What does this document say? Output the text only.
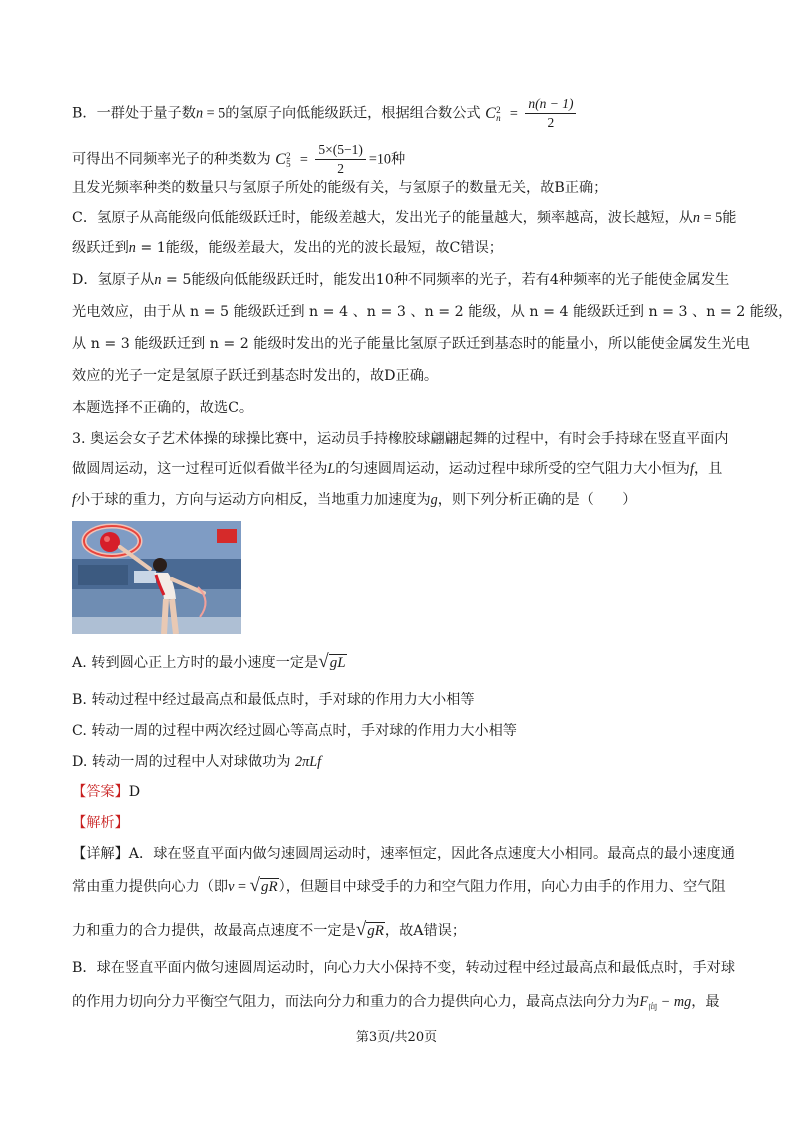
B．一群处于量子数n = 5的氢原子向低能级跃迁，根据组合数公式 C 2
$n = \frac{n(n - 1)}{2}$
可得出不同频率光子的种类数为 C 2
$5 = \frac{5\times(5-1)}{2} =10$种
且发光频率种类的数量只与氢原子所处的能级有关，与氢原子的数量无关，故B正确；
C．氢原子从高能级向低能级跃迁时，能级差越大，发出光子的能量越大，频率越高，波长越短，从n = 5能
级跃迁到n = 1能级，能级差最大，发出的光的波长最短，故C错误；
D．氢原子从n = 5能级向低能级跃迁时，能发出10种不同频率的光子，若有4种频率的光子能使金属发生
光电效应，由于从 n = 5 能级跃迁到 n = 4 、n = 3 、n = 2 能级，从 n = 4 能级跃迁到 n = 3 、n = 2 能级，
从 n = 3 能级跃迁到 n = 2 能级时发出的光子能量比氢原子跃迁到基态时的能量小，所以能使金属发生光电
效应的光子一定是氢原子跃迁到基态时发出的，故D正确。
本题选择不正确的，故选C。
3. 奥运会女子艺术体操的球操比赛中，运动员手持橡胶球翩翩起舞的过程中，有时会手持球在竖直平面内
做圆周运动，这一过程可近似看做半径为L的匀速圆周运动，运动过程中球所受的空气阻力大小恒为f，且
f小于球的重力，方向与运动方向相反，当地重力加速度为g，则下列分析正确的是（　　）
A. 转到圆心正上方时的最小速度一定是√gL
B. 转动过程中经过最高点和最低点时，手对球的作用力大小相等
C. 转动一周的过程中两次经过圆心等高点时，手对球的作用力大小相等
D. 转动一周的过程中人对球做功为 2πLf
【答案】D
【解析】
【详解】A．球在竖直平面内做匀速圆周运动时，速率恒定，因此各点速度大小相同。最高点的最小速度通
常由重力提供向心力（即v = √gR），但题目中球受手的力和空气阻力作用，向心力由手的作用力、空气阻
力和重力的合力提供，故最高点速度不一定是√gR，故A错误；
B．球在竖直平面内做匀速圆周运动时，向心力大小保持不变，转动过程中经过最高点和最低点时，手对球
的作用力切向分力平衡空气阻力，而法向分力和重力的合力提供向心力，最高点法向分力为$F_向$ − mg，最
第3页/共20页
